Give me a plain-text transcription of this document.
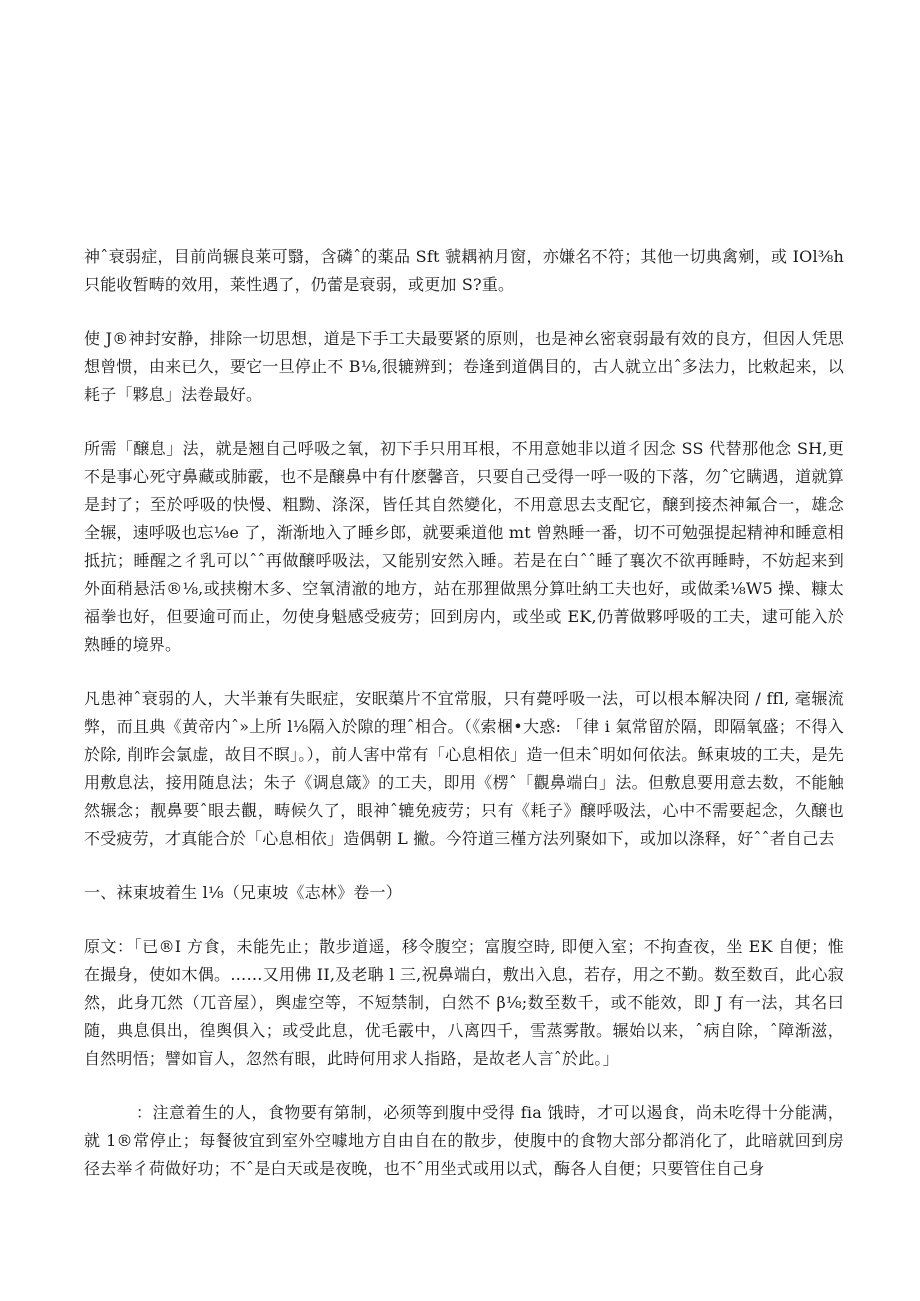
神ˆ衰弱症，目前尚辗良莱可翳，含磷ˆ的薬品 Sft 虢耦衲月窗，亦嫌名不符；其他一切典禽剜，或 IOl⅜h 只能收暂畴的效用，莱性遇了，仍蕾是衰弱，或更加 S?重。

使 J®神封安静，排除一切思想，道是下手工夫最要紧的原则，也是神幺密衰弱最有效的良方，但因人凭思想曾惯，由来已久，要它一旦停止不 B⅛,很辘辨到；卷逢到道偶目的，古人就立出ˆ多法力，比敕起来，以耗子「夥息」法卷最好。

所需「醸息」法，就是翘自己呼吸之氧，初下手只用耳根，不用意她非以道彳因念 SS 代替那他念 SH,更不是事心死守鼻藏或肺霰，也不是醸鼻中有什麽馨音，只要自己受得一呼一吸的下落，勿ˆ它瞒遇，道就算是封了；至於呼吸的快慢、粗黝、涤深，皆任其自然變化，不用意思去支配它，醸到接杰神氟合一，雄念全辗，速呼吸也忘⅛e 了，渐渐地入了睡乡郎，就要乘道他 mt 曾熟睡一番，切不可勉强提起精神和睡意相抵抗；睡醒之彳乳可以ˆˆ再做醸呼吸法，又能别安然入睡。若是在白ˆˆ睡了襄次不欲再睡畤，不妨起来到外面稍悬活®⅛,或挟榭木多、空氧清澈的地方，站在那狸做黑分算吐納工夫也好，或做柔⅛W5 操、糠太福拳也好，但要逾可而止，勿使身魁感受疲劳；回到房内，或坐或 EK,仍菁做夥呼吸的工夫，逮可能入於熟睡的境界。

凡患神ˆ衰弱的人，大半兼有失眠症，安眠蕖片不宜常服，只有薨呼吸一法，可以根本解决冏 / ffl, 毫辗流弊，而且典《黄帝内ˆ»上所 l⅛隔入於隙的理ˆ相合。（《索梱•大惑: 「律 i 氣常留於隔，即隔氧盛；不得入於除, 削昨会氯虚，故目不瞑」。），前人害中常有「心息相依」造一但未ˆ明如何依法。稣東坡的工夫，是先用敷息法，接用随息法；朱子《调息箴》的工夫，即用《楞ˆ「觀鼻端白」法。但敷息要用意去数，不能触然辗念；靓鼻要ˆ眼去觀，畴候久了，眼神ˆ辘免疲劳；只有《耗子》醸呼吸法，心中不需要起念，久醸也不受疲劳，才真能合於「心息相依」造偶朝 L 撇。今符道三槿方法列聚如下，或加以涤释，好ˆˆ者自己去

一、袜東坡着生 l⅛（兄東坡《志林》卷一）

原文：「已®I 方食，未能先止；散步道遥，移令腹空；富腹空時, 即便入室；不拘查夜，坐 EK 自便；惟在撮身，使如木偶。……又用佛 II,及老聃 l 三,祝鼻端白，敷出入息，若存，用之不勤。数至数百，此心寂然，此身兀然（兀音屋），舆虚空等，不短禁制，白然不 β⅛;数至数千，或不能效，即 J 有一法，其名曰随，典息俱出，徨舆俱入；或受此息，优毛霰中，八离四千，雪蒸雾散。辗始以来，ˆ病自除，ˆ障渐滋，自然明悟；譬如盲人，忽然有眼，此時何用求人指路，是故老人言ˆ於此。」

：注意着生的人，食物要有第制，必须等到腹中受得 fia 饿時，才可以遏食，尚未吃得十分能满，就 1®常停止；每餐彼宜到室外空噱地方自由自在的散步，使腹中的食物大部分都消化了，此暗就回到房径去举彳荷做好功；不ˆ是白天或是夜晚，也不ˆ用坐式或用以式，酶各人自便；只要管住自己身
